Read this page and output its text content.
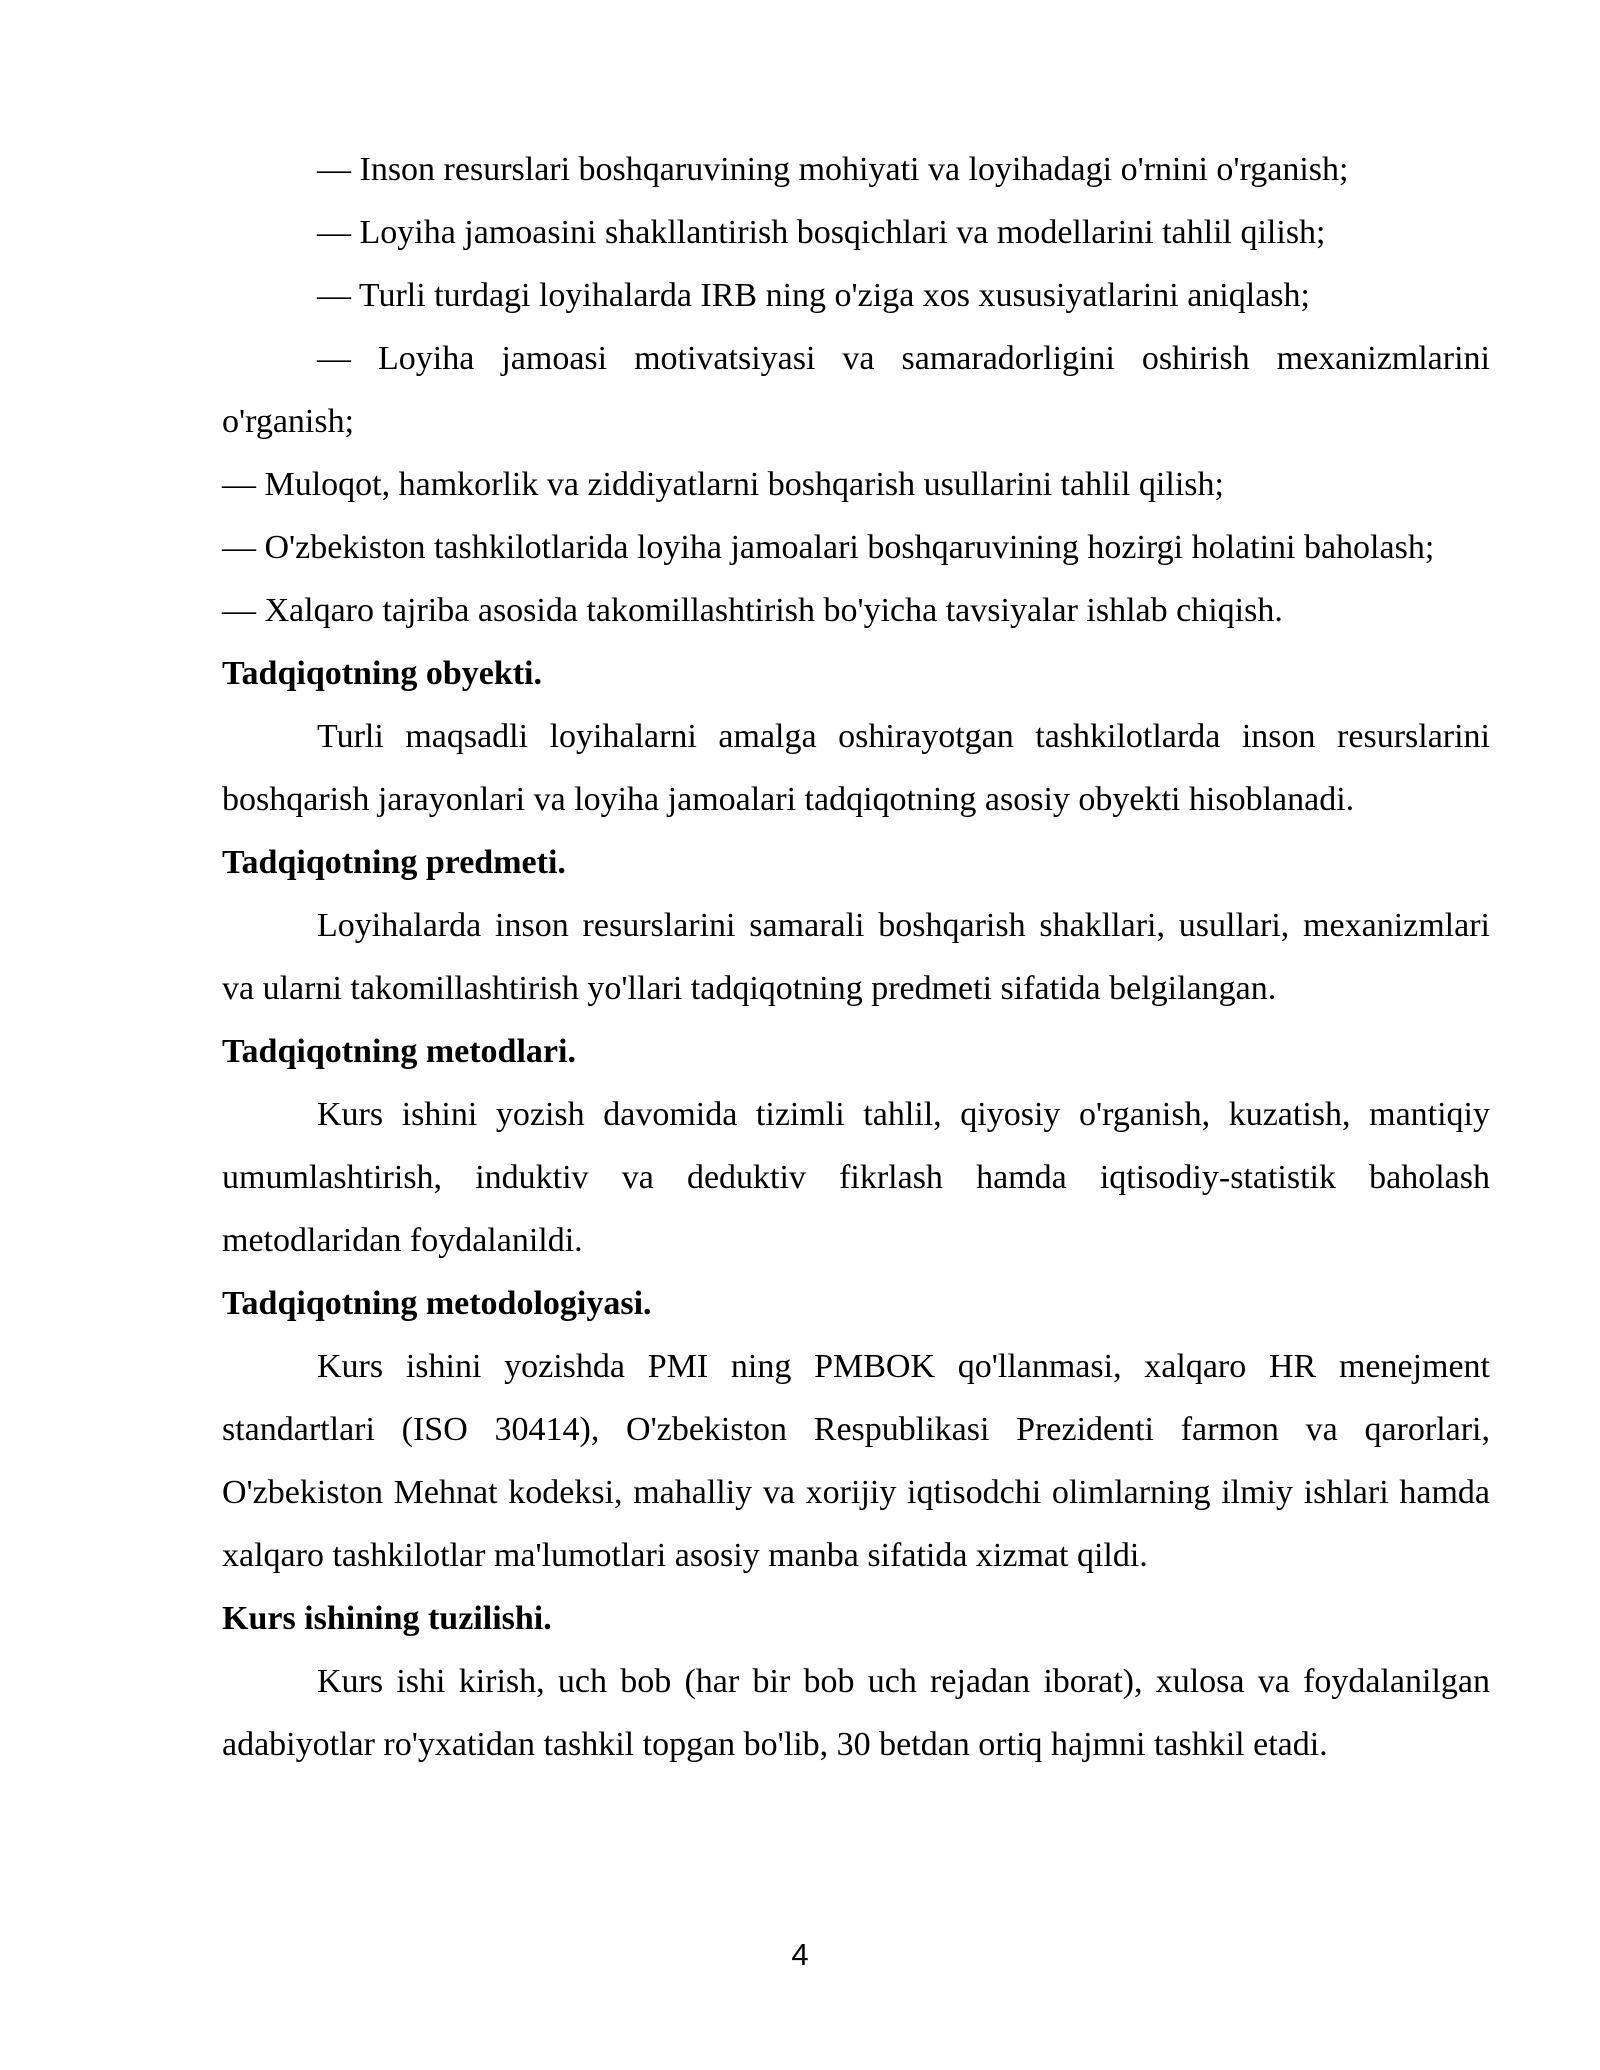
— Inson resurslari boshqaruvining mohiyati va loyihadagi o'rnini o'rganish;

— Loyiha jamoasini shakllantirish bosqichlari va modellarini tahlil qilish;

— Turli turdagi loyihalarda IRB ning o'ziga xos xususiyatlarini aniqlash;

— Loyiha jamoasi motivatsiyasi va samaradorligini oshirish mexanizmlarini o'rganish;

— Muloqot, hamkorlik va ziddiyatlarni boshqarish usullarini tahlil qilish;

— O'zbekiston tashkilotlarida loyiha jamoalari boshqaruvining hozirgi holatini baholash;

— Xalqaro tajriba asosida takomillashtirish bo'yicha tavsiyalar ishlab chiqish.

Tadqiqotning obyekti.

Turli maqsadli loyihalarni amalga oshirayotgan tashkilotlarda inson resurslarini boshqarish jarayonlari va loyiha jamoalari tadqiqotning asosiy obyekti hisoblanadi.

Tadqiqotning predmeti.

Loyihalarda inson resurslarini samarali boshqarish shakllari, usullari, mexanizmlari va ularni takomillashtirish yo'llari tadqiqotning predmeti sifatida belgilangan.

Tadqiqotning metodlari.

Kurs ishini yozish davomida tizimli tahlil, qiyosiy o'rganish, kuzatish, mantiqiy umumlashtirish, induktiv va deduktiv fikrlash hamda iqtisodiy-statistik baholash metodlaridan foydalanildi.

Tadqiqotning metodologiyasi.

Kurs ishini yozishda PMI ning PMBOK qo'llanmasi, xalqaro HR menejment standartlari (ISO 30414), O'zbekiston Respublikasi Prezidenti farmon va qarorlari, O'zbekiston Mehnat kodeksi, mahalliy va xorijiy iqtisodchi olimlarning ilmiy ishlari hamda xalqaro tashkilotlar ma'lumotlari asosiy manba sifatida xizmat qildi.

Kurs ishining tuzilishi.

Kurs ishi kirish, uch bob (har bir bob uch rejadan iborat), xulosa va foydalanilgan adabiyotlar ro'yxatidan tashkil topgan bo'lib, 30 betdan ortiq hajmni tashkil etadi.

4
